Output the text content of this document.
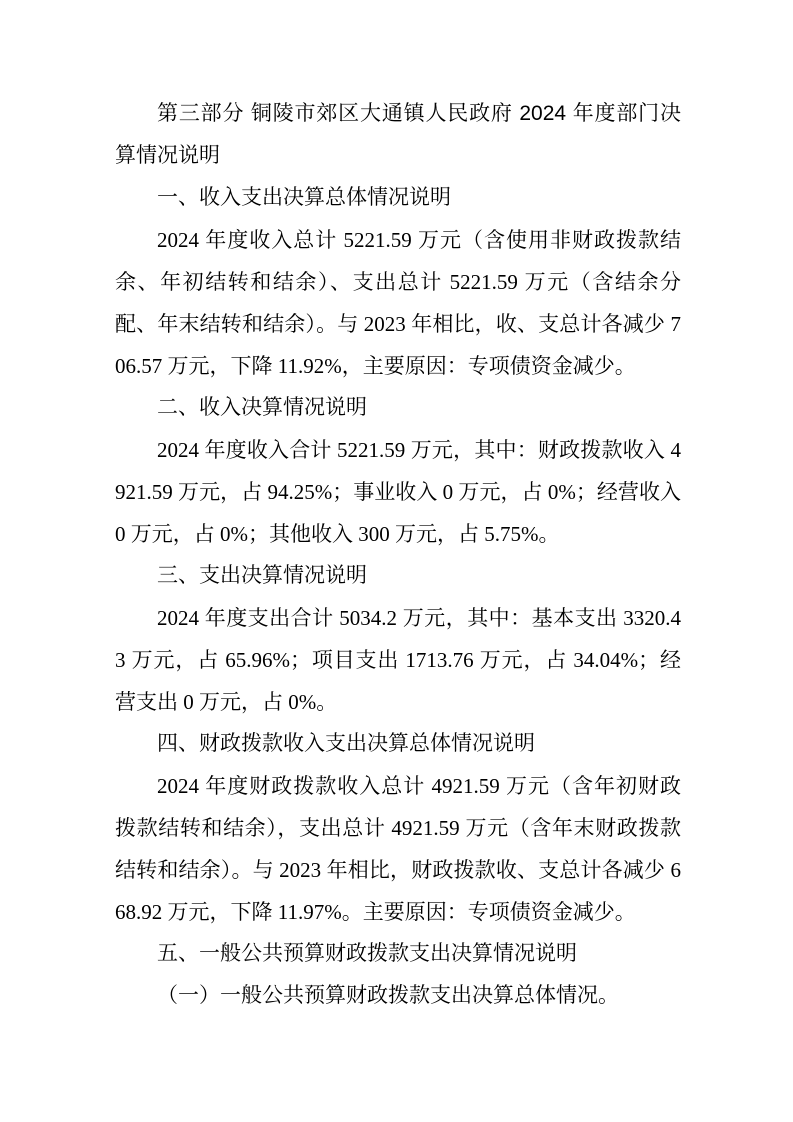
第三部分 铜陵市郊区大通镇人民政府 2024 年度部门决算情况说明
一、收入支出决算总体情况说明

2024 年度收入总计 5221.59 万元（含使用非财政拨款结余、年初结转和结余）、支出总计 5221.59 万元（含结余分配、年末结转和结余）。与 2023 年相比，收、支总计各减少 706.57 万元，下降 11.92%，主要原因：专项债资金减少。

二、收入决算情况说明

2024 年度收入合计 5221.59 万元，其中：财政拨款收入 4921.59 万元，占 94.25%；事业收入 0 万元，占 0%；经营收入 0 万元，占 0%；其他收入 300 万元，占 5.75%。

三、支出决算情况说明

2024 年度支出合计 5034.2 万元，其中：基本支出 3320.43 万元，占 65.96%；项目支出 1713.76 万元，占 34.04%；经营支出 0 万元，占 0%。

四、财政拨款收入支出决算总体情况说明

2024 年度财政拨款收入总计 4921.59 万元（含年初财政拨款结转和结余），支出总计 4921.59 万元（含年末财政拨款结转和结余）。与 2023 年相比，财政拨款收、支总计各减少 668.92 万元，下降 11.97%。主要原因：专项债资金减少。

五、一般公共预算财政拨款支出决算情况说明
（一）一般公共预算财政拨款支出决算总体情况。
